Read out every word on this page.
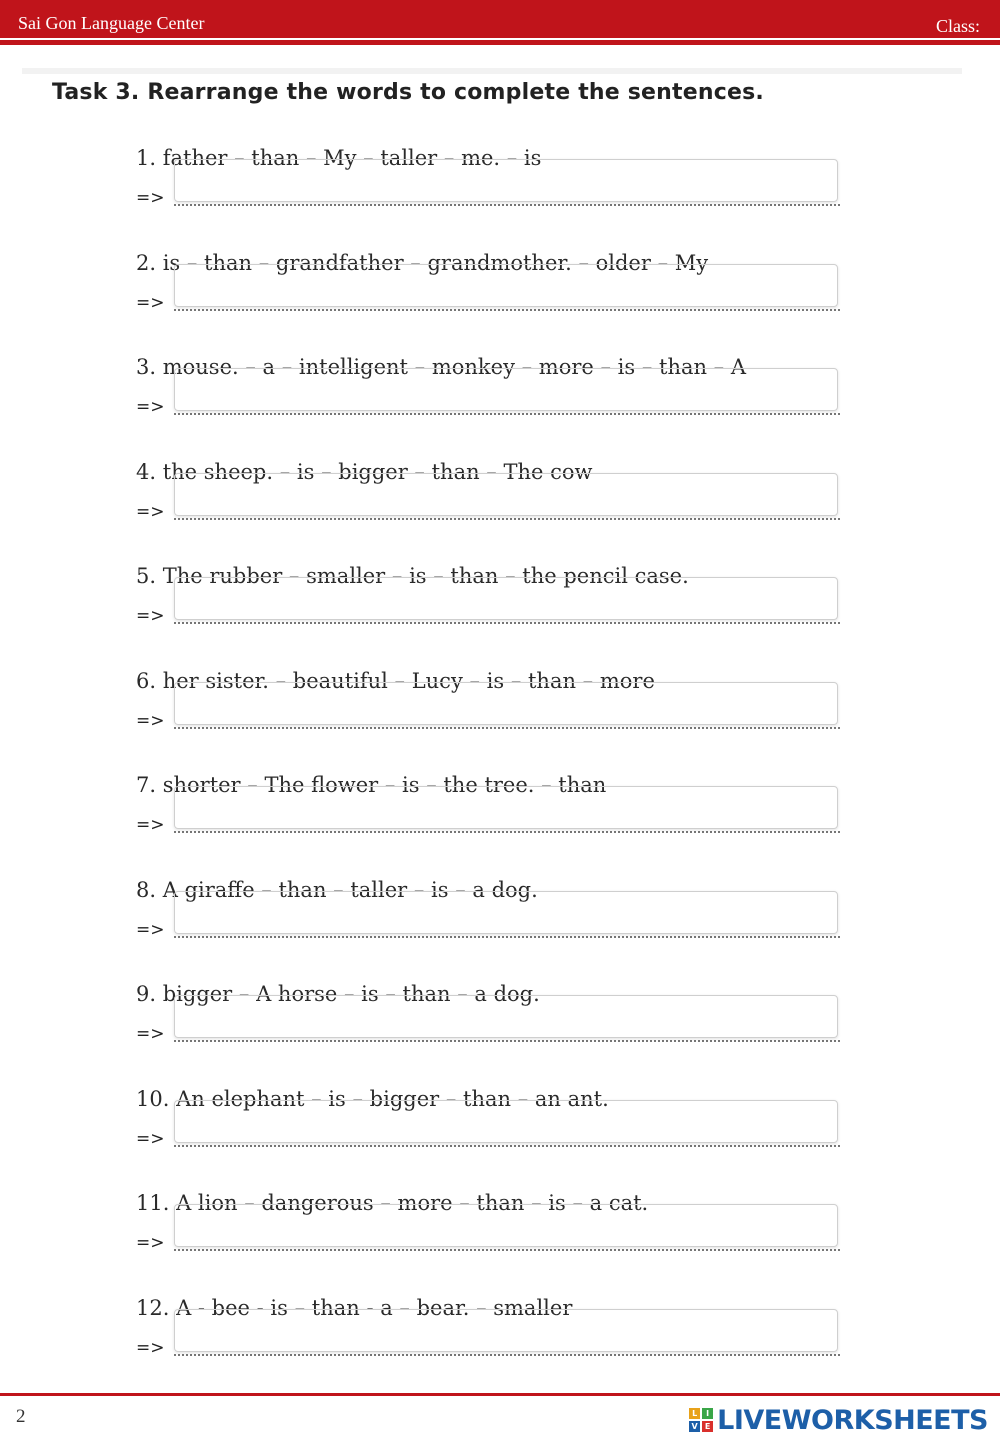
Sai Gon Language Center	Class:
Task 3. Rearrange the words to complete the sentences.
1. father – than – My – taller – me. – is
=>
2. is – than – grandfather – grandmother. – older – My
=>
3. mouse. – a – intelligent – monkey – more – is – than – A
=>
4. the sheep. – is – bigger – than – The cow
=>
5. The rubber – smaller – is – than – the pencil case.
=>
6. her sister. – beautiful – Lucy – is – than – more
=>
7. shorter – The flower – is – the tree. – than
=>
8. A giraffe – than – taller – is – a dog.
=>
9. bigger – A horse – is – than – a dog.
=>
10. An elephant – is – bigger – than – an ant.
=>
11. A lion – dangerous – more – than – is – a cat.
=>
12. A - bee - is – than - a – bear. – smaller
=>
2	L	I
V E LIVEWORKSHEETS
